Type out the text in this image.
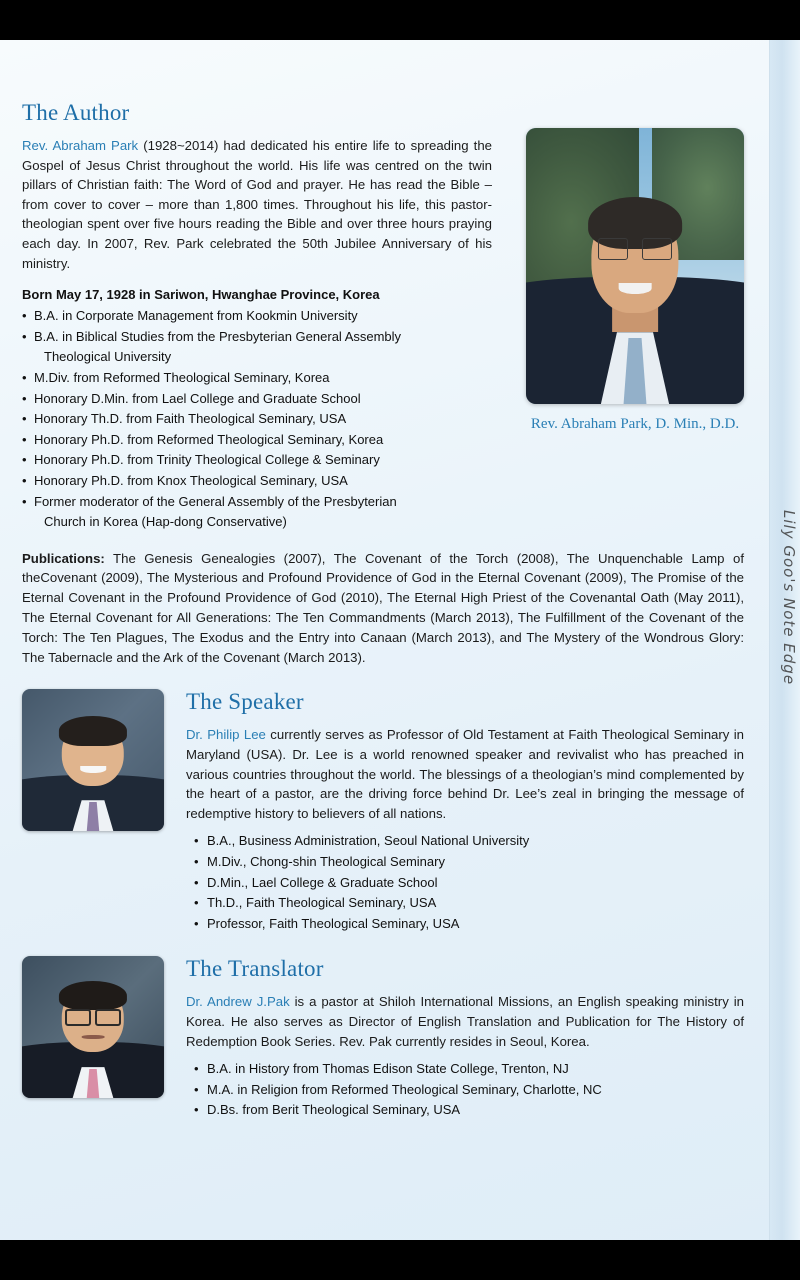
Lily Goo's Note Edge
The Author

Rev. Abraham Park (1928~2014) had dedicated his entire life to spreading the Gospel of Jesus Christ throughout the world. His life was centred on the twin pillars of Christian faith: The Word of God and prayer. He has read the Bible – from cover to cover – more than 1,800 times. Throughout his life, this pastor-theologian spent over five hours reading the Bible and over three hours praying each day. In 2007, Rev. Park celebrated the 50th Jubilee Anniversary of his ministry.

Born May 17, 1928 in Sariwon, Hwanghae Province, Korea
• B.A. in Corporate Management from Kookmin University
• B.A. in Biblical Studies from the Presbyterian General Assembly
Theological University
• M.Div. from Reformed Theological Seminary, Korea
• Honorary D.Min. from Lael College and Graduate School
• Honorary Th.D. from Faith Theological Seminary, USA
• Honorary Ph.D. from Reformed Theological Seminary, Korea
• Honorary Ph.D. from Trinity Theological College & Seminary
• Honorary Ph.D. from Knox Theological Seminary, USA
• Former moderator of the General Assembly of the Presbyterian
Church in Korea (Hap-dong Conservative)
Rev. Abraham Park, D. Min., D.D.
Publications: The Genesis Genealogies (2007), The Covenant of the Torch (2008), The Unquenchable Lamp of theCovenant (2009), The Mysterious and Profound Providence of God in the Eternal Covenant (2009), The Promise of the Eternal Covenant in the Profound Providence of God (2010), The Eternal High Priest of the Covenantal Oath (May 2011), The Eternal Covenant for All Generations: The Ten Commandments (March 2013), The Fulfillment of the Covenant of the Torch: The Ten Plagues, The Exodus and the Entry into Canaan (March 2013), and The Mystery of the Wondrous Glory: The Tabernacle and the Ark of the Covenant (March 2013).
The Speaker

Dr. Philip Lee currently serves as Professor of Old Testament at Faith Theological Seminary in Maryland (USA). Dr. Lee is a world renowned speaker and revivalist who has preached in various countries throughout the world. The blessings of a theologian’s mind complemented by the heart of a pastor, are the driving force behind Dr. Lee’s zeal in bringing the message of redemptive history to believers of all nations.

• B.A., Business Administration, Seoul National University
• M.Div., Chong-shin Theological Seminary
• D.Min., Lael College & Graduate School
• Th.D., Faith Theological Seminary, USA
• Professor, Faith Theological Seminary, USA
The Translator

Dr. Andrew J.Pak is a pastor at Shiloh International Missions, an English speaking ministry in Korea. He also serves as Director of English Translation and Publication for The History of Redemption Book Series. Rev. Pak currently resides in Seoul, Korea.

• B.A. in History from Thomas Edison State College, Trenton, NJ
• M.A. in Religion from Reformed Theological Seminary, Charlotte, NC
• D.Bs. from Berit Theological Seminary, USA
